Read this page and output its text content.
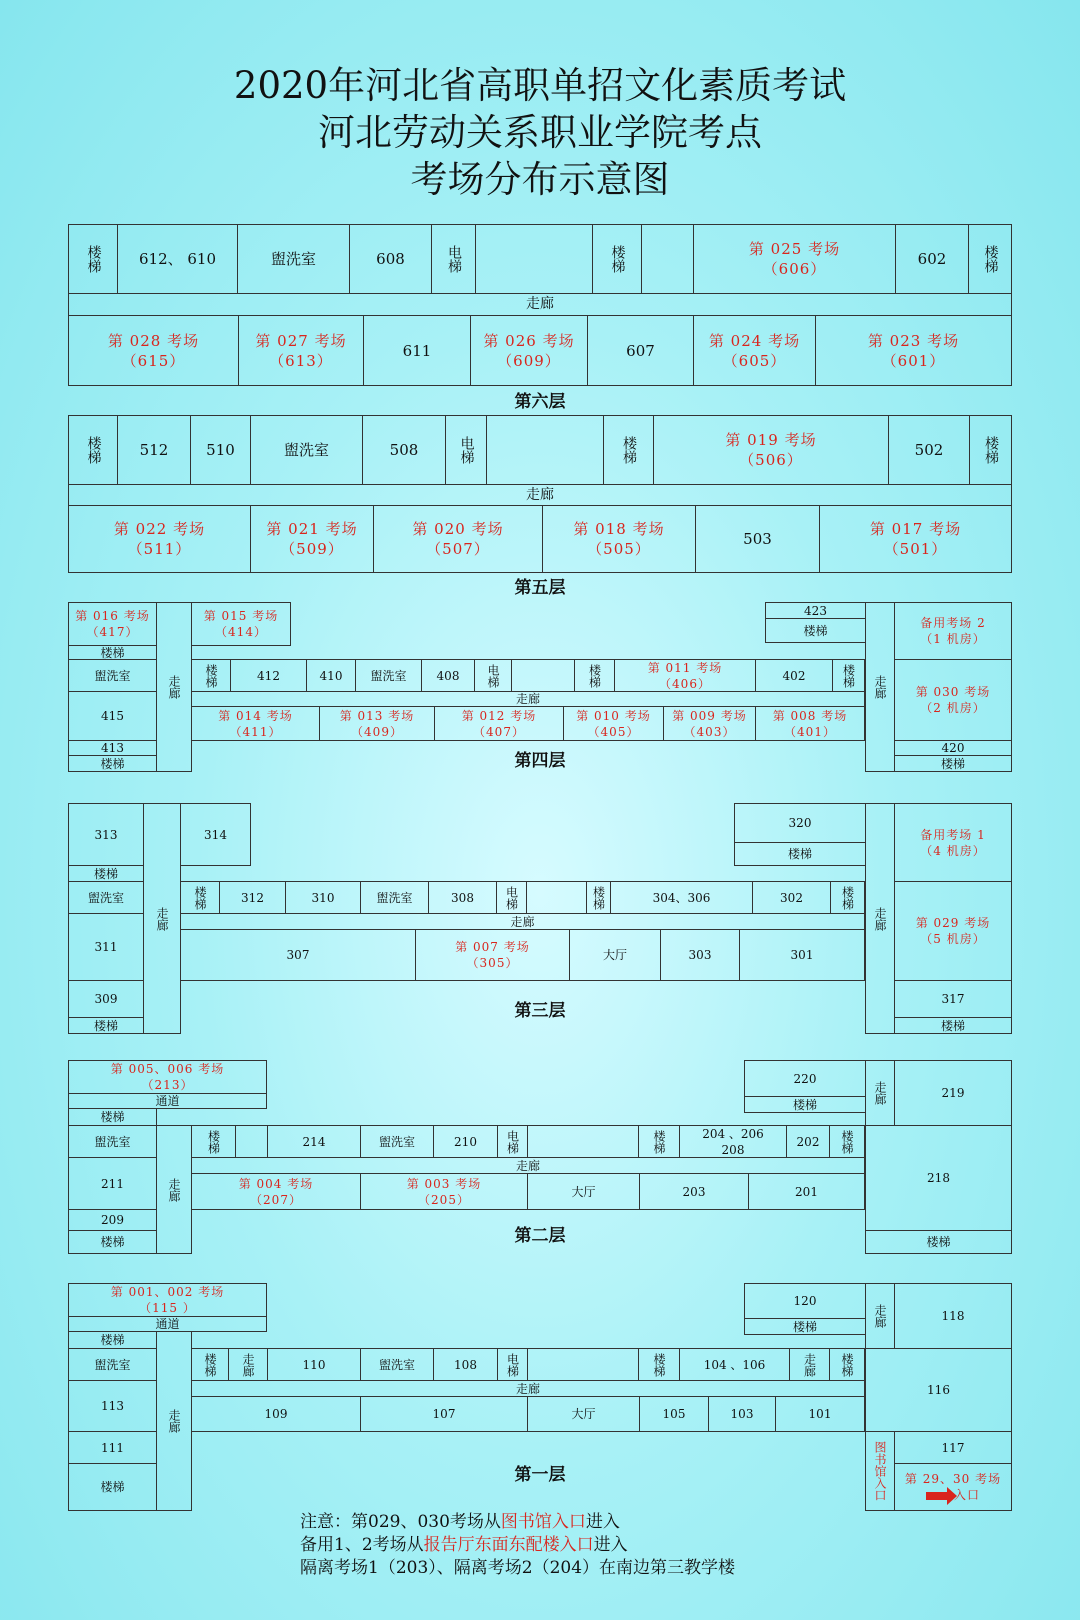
2020年河北省高职单招文化素质考试
河北劳动关系职业学院考点
考场分布示意图
楼梯	612、 610	盥洗室	608	电梯	楼梯	第 025 考场
（606）
602	楼梯
走廊
第 028 考场
（615）
第 027 考场
（613）
611
第 026 考场
（609）
607
第 024 考场
（605）
第 023 考场
（601）
第六层
楼梯	512	510	盥洗室	508	电梯	楼梯	第 019 考场
（506）
502	楼梯
走廊
第 022 考场
（511）
第 021 考场
（509）
第 020 考场
（507）
第 018 考场
（505）
503
第 017 考场
（501）
第五层
第 016 考场
（417）
楼梯
盥洗室
415
413
楼梯
走廊
第 015 考场
（414）
楼梯	412	410	盥洗室	408	电梯	楼梯	第 011 考场
（406）
402	楼梯
走廊
第 014 考场
（411）
第 013 考场
（409）
第 012 考场
（407）
第 010 考场
（405）
第 009 考场
（403）
第 008 考场
（401）
423
楼梯
走廊
备用考场 2
（1 机房）
第 030 考场
（2 机房）
420
楼梯
第四层
313
楼梯
盥洗室
311
309
楼梯
走廊
314
楼梯	312	310	盥洗室	308	电梯	楼梯	304、306	302	楼梯
走廊
307
第 007 考场
（305）
大厅	303	301
320
楼梯
走廊
备用考场 1
（4 机房）
第 029 考场
（5 机房）
317
楼梯
第三层
第 005、006 考场
（213）
通道
楼梯
盥洗室
211
209
楼梯
走廊
楼梯	214	盥洗室	210	电梯	楼梯	204 、206
208
202	楼梯
走廊
第 004 考场
（207）
第 003 考场
（205）
大厅	203	201
220
楼梯	走廊	219
218
楼梯
第二层
第 001、002 考场
（115 ）
通道
楼梯
盥洗室
113
111
楼梯
走廊
楼梯	走廊	110	盥洗室	108	电梯	楼梯	104 、106	走廊	楼梯
走廊
109	107	大厅	105	103	101
120
楼梯	走廊	118
116
图书馆入口	117
第 29、30 考场
入口
第一层
注意：第029、030考场从图书馆入口进入
备用1、2考场从报告厅东面东配楼入口进入
隔离考场1（203）、隔离考场2（204）在南边第三教学楼
